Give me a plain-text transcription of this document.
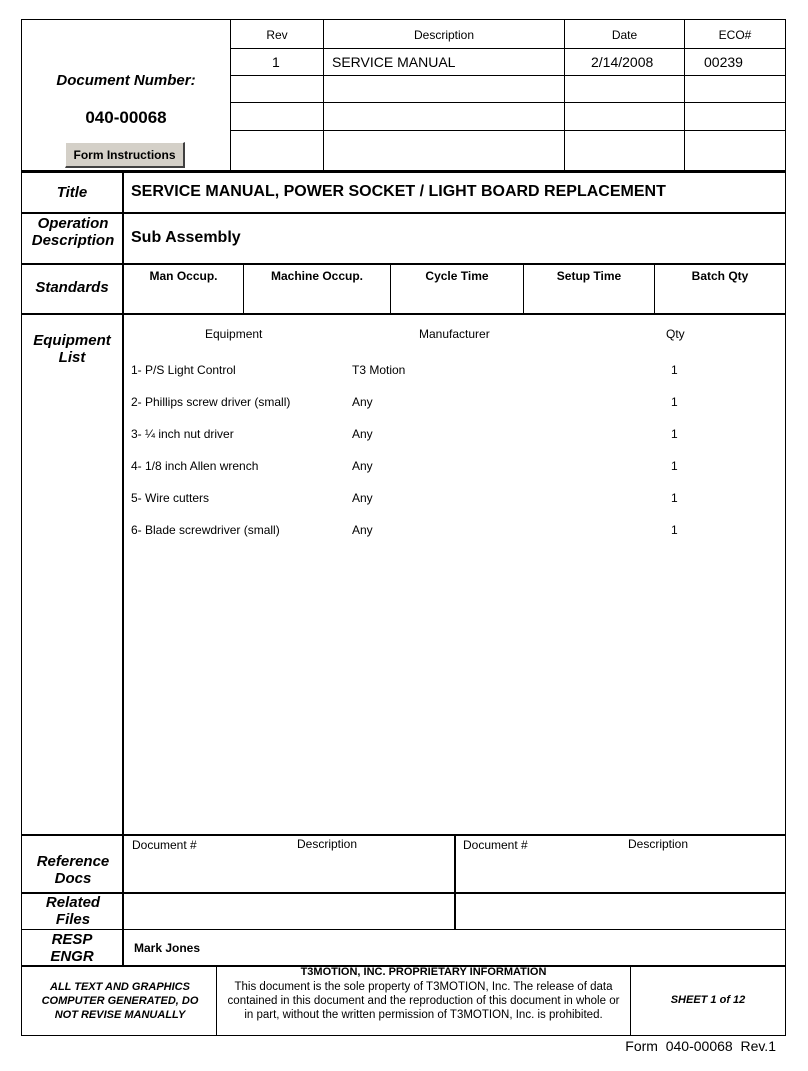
Document Number:
040-00068
Form Instructions
Rev	Description	Date	ECO#
1	SERVICE MANUAL	2/14/2008	00239
Title	SERVICE MANUAL, POWER SOCKET / LIGHT BOARD REPLACEMENT
Operation Description	Sub Assembly
Standards
Man Occup.	Machine Occup.	Cycle Time	Setup Time	Batch Qty
Equipment List
Equipment	Manufacturer	Qty
1- P/S Light Control	T3 Motion	1
2- Phillips screw driver (small)	Any	1
3- ¼ inch nut driver	Any	1
4- 1/8 inch Allen wrench	Any	1
5- Wire cutters	Any	1
6- Blade screwdriver (small)	Any	1
Reference Docs
Document #	Description	Document #	Description
Related Files
RESP ENGR	Mark Jones
ALL TEXT AND GRAPHICS COMPUTER GENERATED, DO NOT REVISE MANUALLY
T3MOTION, INC. PROPRIETARY INFORMATION
This document is the sole property of T3MOTION, Inc. The release of data contained in this document and the reproduction of this document in whole or in part, without the written permission of T3MOTION, Inc. is prohibited.
SHEET 1 of 12
Form  040-00068  Rev.1
